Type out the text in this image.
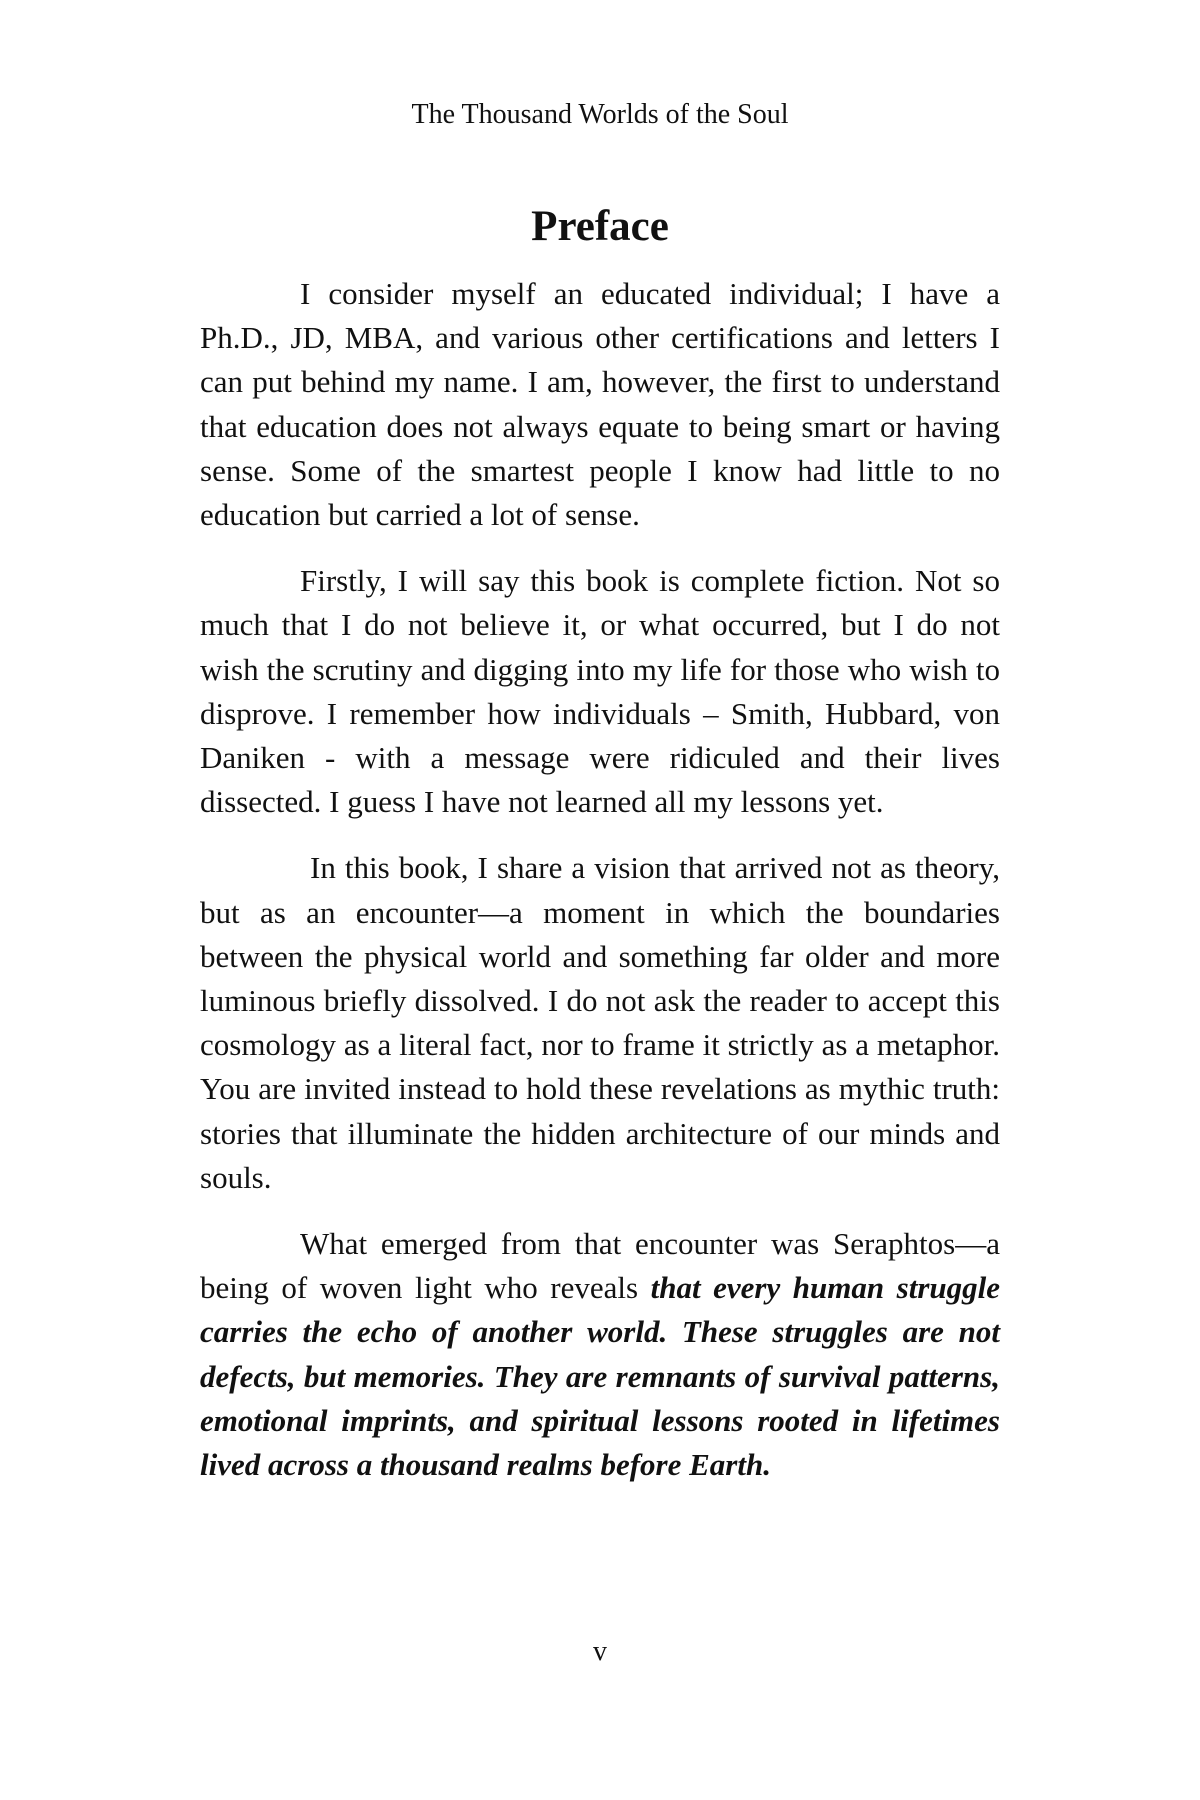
The Thousand Worlds of the Soul
Preface

I consider myself an educated individual; I have a Ph.D., JD, MBA, and various other certifications and letters I can put behind my name. I am, however, the first to understand that education does not always equate to being smart or having sense. Some of the smartest people I know had little to no education but carried a lot of sense.

Firstly, I will say this book is complete fiction. Not so much that I do not believe it, or what occurred, but I do not wish the scrutiny and digging into my life for those who wish to disprove. I remember how individuals – Smith, Hubbard, von Daniken - with a message were ridiculed and their lives dissected. I guess I have not learned all my lessons yet.

In this book, I share a vision that arrived not as theory, but as an encounter—a moment in which the boundaries between the physical world and something far older and more luminous briefly dissolved. I do not ask the reader to accept this cosmology as a literal fact, nor to frame it strictly as a metaphor. You are invited instead to hold these revelations as mythic truth: stories that illuminate the hidden architecture of our minds and souls.

What emerged from that encounter was Seraphtos—a being of woven light who reveals that every human struggle carries the echo of another world. These struggles are not defects, but memories. They are remnants of survival patterns, emotional imprints, and spiritual lessons rooted in lifetimes lived across a thousand realms before Earth.

v
